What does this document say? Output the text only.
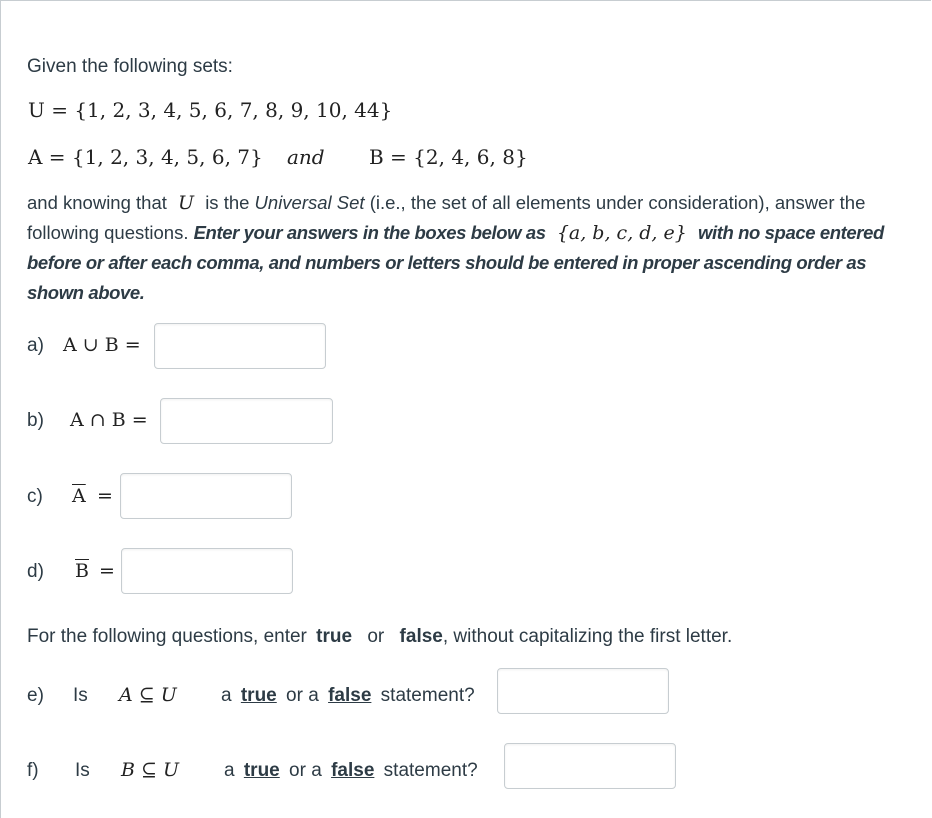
Given the following sets:
U = {1, 2, 3, 4, 5, 6, 7, 8, 9, 10, 44}
A = {1, 2, 3, 4, 5, 6, 7} and B = {2, 4, 6, 8}
and knowing that U is the Universal Set (i.e., the set of all elements under consideration), answer the following questions. Enter your answers in the boxes below as {a, b, c, d, e} with no space entered before or after each comma, and numbers or letters should be entered in proper ascending order as shown above.
a) A ∪ B =
b) A ∩ B =
c) $\overline{A}$ =
d) $\overline{B}$ =
For the following questions, enter true or false, without capitalizing the first letter.
e) Is A ⊆ U a true or a false statement?
f) Is B ⊆ U a true or a false statement?
